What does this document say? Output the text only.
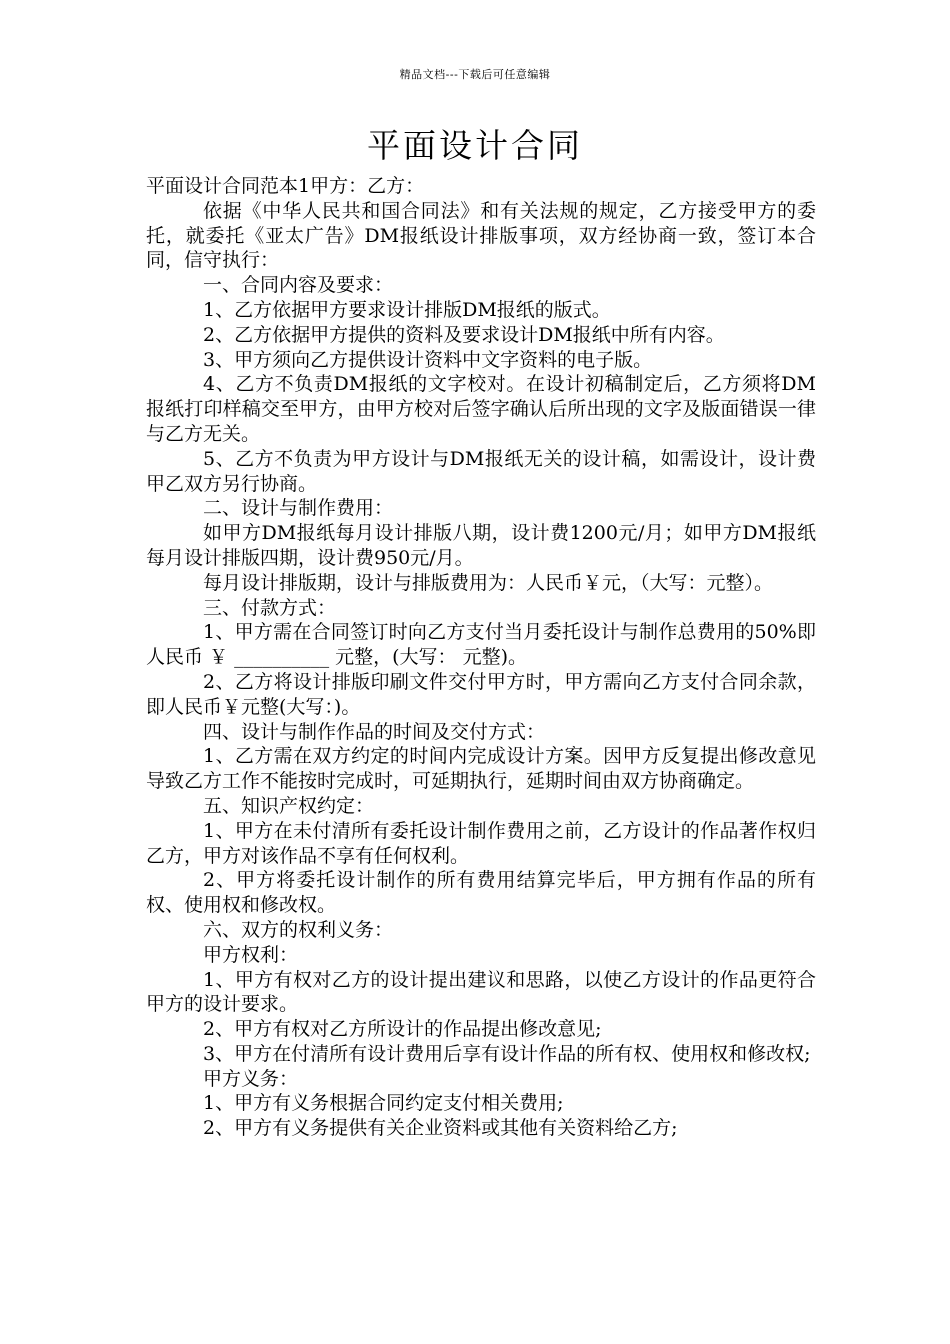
精品文档---下载后可任意编辑
平面设计合同

平面设计合同范本1甲方：乙方：

依据《中华人民共和国合同法》和有关法规的规定，乙方接受甲方的委托，就委托《亚太广告》DM报纸设计排版事项，双方经协商一致，签订本合同，信守执行：

一、合同内容及要求：

1、乙方依据甲方要求设计排版DM报纸的版式。

2、乙方依据甲方提供的资料及要求设计DM报纸中所有内容。

3、甲方须向乙方提供设计资料中文字资料的电子版。

4、乙方不负责DM报纸的文字校对。在设计初稿制定后，乙方须将DM报纸打印样稿交至甲方，由甲方校对后签字确认后所出现的文字及版面错误一律与乙方无关。

5、乙方不负责为甲方设计与DM报纸无关的设计稿，如需设计，设计费甲乙双方另行协商。

二、设计与制作费用：

如甲方DM报纸每月设计排版八期，设计费1200元/月；如甲方DM报纸每月设计排版四期，设计费950元/月。

每月设计排版期，设计与排版费用为：人民币￥元，（大写：元整）。

三、付款方式：

1、甲方需在合同签订时向乙方支付当月委托设计与制作总费用的50%即人民币 ￥ __________ 元整，(大写： 元整)。

2、乙方将设计排版印刷文件交付甲方时，甲方需向乙方支付合同余款，即人民币￥元整(大写：)。

四、设计与制作作品的时间及交付方式：

1、乙方需在双方约定的时间内完成设计方案。因甲方反复提出修改意见导致乙方工作不能按时完成时，可延期执行，延期时间由双方协商确定。

五、知识产权约定：

1、甲方在未付清所有委托设计制作费用之前，乙方设计的作品著作权归乙方，甲方对该作品不享有任何权利。

2、甲方将委托设计制作的所有费用结算完毕后，甲方拥有作品的所有权、使用权和修改权。

六、双方的权利义务：

甲方权利：

1、甲方有权对乙方的设计提出建议和思路，以使乙方设计的作品更符合甲方的设计要求。

2、甲方有权对乙方所设计的作品提出修改意见;

3、甲方在付清所有设计费用后享有设计作品的所有权、使用权和修改权;

甲方义务：

1、甲方有义务根据合同约定支付相关费用;

2、甲方有义务提供有关企业资料或其他有关资料给乙方;
